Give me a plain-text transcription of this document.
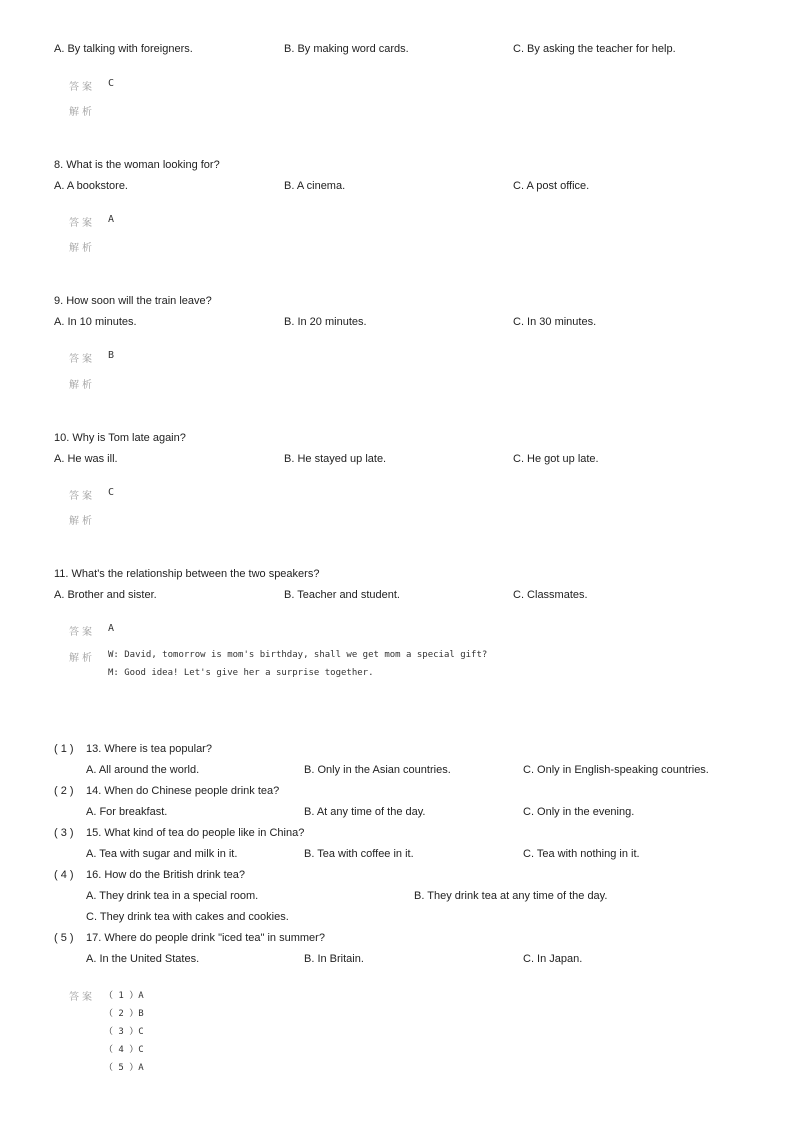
A. By talking with foreigners.	B. By making word cards.	C. By asking the teacher for help.
答案 C
解析
8. What is the woman looking for?
A. A bookstore.	B. A cinema.	C. A post office.
答案 A
解析
9. How soon will the train leave?
A. In 10 minutes.	B. In 20 minutes.	C. In 30 minutes.
答案 B
解析
10. Why is Tom late again?
A. He was ill.	B. He stayed up late.	C. He got up late.
答案 C
解析
11. What's the relationship between the two speakers?
A. Brother and sister.	B. Teacher and student.	C. Classmates.
答案 A
解析 W: David, tomorrow is mom's birthday, shall we get mom a special gift?
M: Good idea! Let's give her a surprise together.
( 1 ) 13. Where is tea popular?
A. All around the world.	B. Only in the Asian countries.	C. Only in English-speaking countries.
( 2 ) 14. When do Chinese people drink tea?
A. For breakfast.	B. At any time of the day.	C. Only in the evening.
( 3 ) 15. What kind of tea do people like in China?
A. Tea with sugar and milk in it.	B. Tea with coffee in it.	C. Tea with nothing in it.
( 4 ) 16. How do the British drink tea?
A. They drink tea in a special room.	B. They drink tea at any time of the day.
C. They drink tea with cakes and cookies.
( 5 ) 17. Where do people drink "iced tea" in summer?
A. In the United States.	B. In Britain.	C. In Japan.
答案 （ 1 ）A
（ 2 ）B
（ 3 ）C
（ 4 ）C
（ 5 ）A
